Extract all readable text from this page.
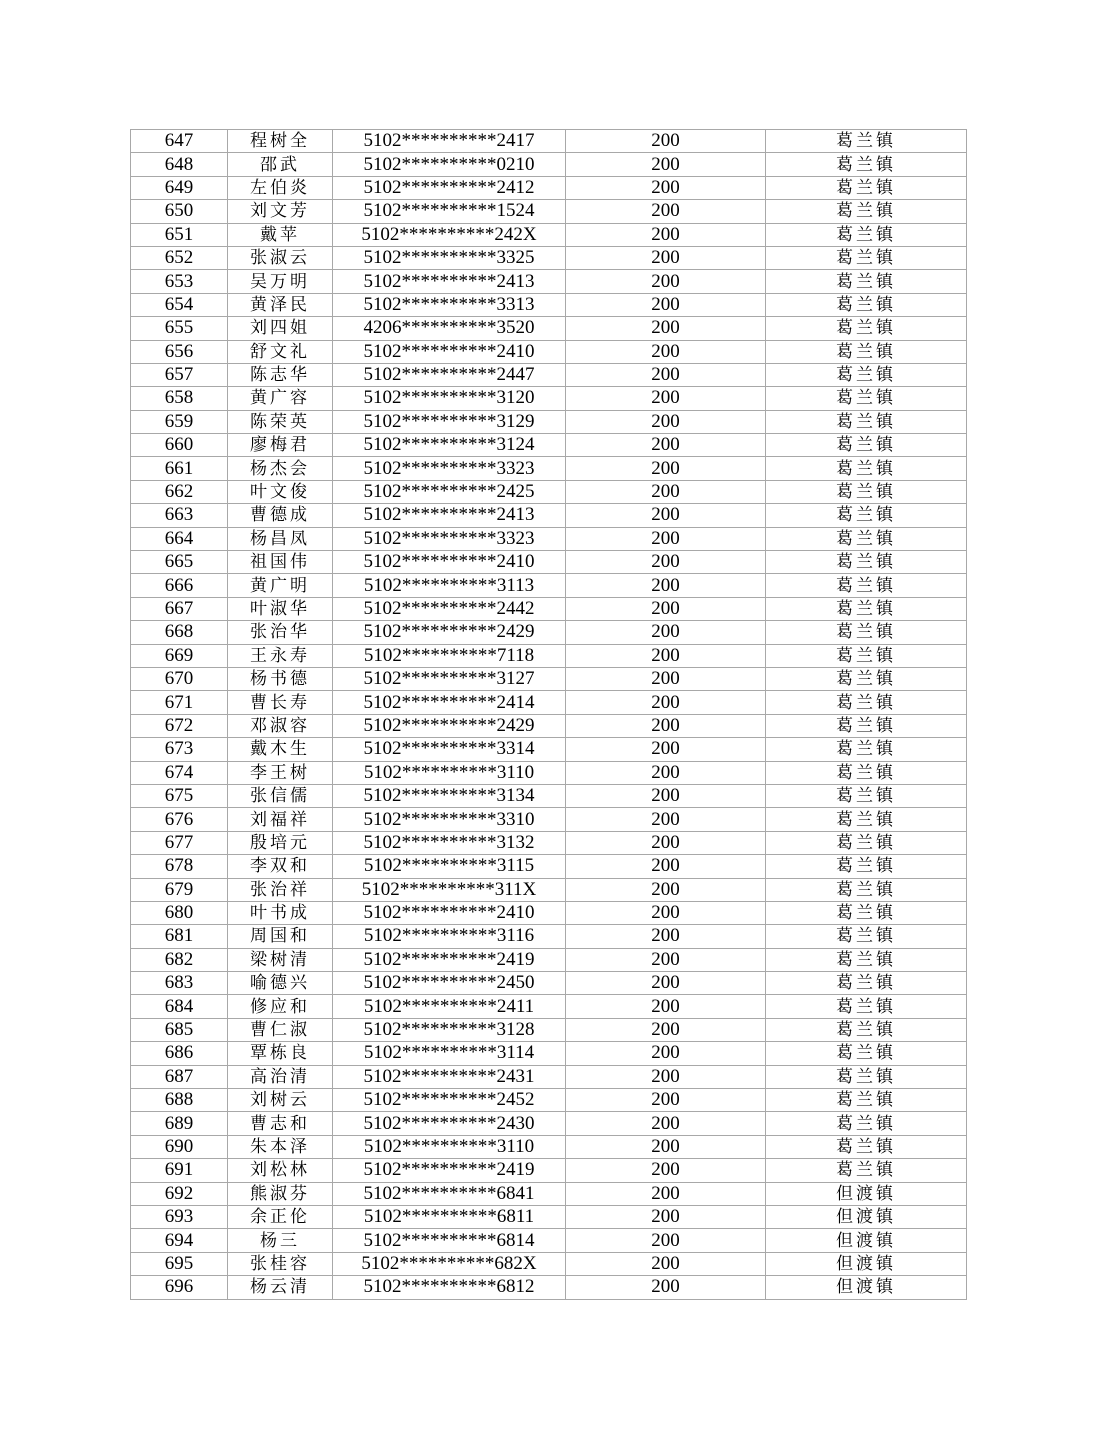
647	程树全	5102**********2417	200	葛兰镇
648	邵武	5102**********0210	200	葛兰镇
649	左伯炎	5102**********2412	200	葛兰镇
650	刘文芳	5102**********1524	200	葛兰镇
651	戴苹	5102**********242X	200	葛兰镇
652	张淑云	5102**********3325	200	葛兰镇
653	吴万明	5102**********2413	200	葛兰镇
654	黄泽民	5102**********3313	200	葛兰镇
655	刘四姐	4206**********3520	200	葛兰镇
656	舒文礼	5102**********2410	200	葛兰镇
657	陈志华	5102**********2447	200	葛兰镇
658	黄广容	5102**********3120	200	葛兰镇
659	陈荣英	5102**********3129	200	葛兰镇
660	廖梅君	5102**********3124	200	葛兰镇
661	杨杰会	5102**********3323	200	葛兰镇
662	叶文俊	5102**********2425	200	葛兰镇
663	曹德成	5102**********2413	200	葛兰镇
664	杨昌凤	5102**********3323	200	葛兰镇
665	祖国伟	5102**********2410	200	葛兰镇
666	黄广明	5102**********3113	200	葛兰镇
667	叶淑华	5102**********2442	200	葛兰镇
668	张治华	5102**********2429	200	葛兰镇
669	王永寿	5102**********7118	200	葛兰镇
670	杨书德	5102**********3127	200	葛兰镇
671	曹长寿	5102**********2414	200	葛兰镇
672	邓淑容	5102**********2429	200	葛兰镇
673	戴木生	5102**********3314	200	葛兰镇
674	李王树	5102**********3110	200	葛兰镇
675	张信儒	5102**********3134	200	葛兰镇
676	刘福祥	5102**********3310	200	葛兰镇
677	殷培元	5102**********3132	200	葛兰镇
678	李双和	5102**********3115	200	葛兰镇
679	张治祥	5102**********311X	200	葛兰镇
680	叶书成	5102**********2410	200	葛兰镇
681	周国和	5102**********3116	200	葛兰镇
682	梁树清	5102**********2419	200	葛兰镇
683	喻德兴	5102**********2450	200	葛兰镇
684	修应和	5102**********2411	200	葛兰镇
685	曹仁淑	5102**********3128	200	葛兰镇
686	覃栋良	5102**********3114	200	葛兰镇
687	高治清	5102**********2431	200	葛兰镇
688	刘树云	5102**********2452	200	葛兰镇
689	曹志和	5102**********2430	200	葛兰镇
690	朱本泽	5102**********3110	200	葛兰镇
691	刘松林	5102**********2419	200	葛兰镇
692	熊淑芬	5102**********6841	200	但渡镇
693	余正伦	5102**********6811	200	但渡镇
694	杨三	5102**********6814	200	但渡镇
695	张桂容	5102**********682X	200	但渡镇
696	杨云清	5102**********6812	200	但渡镇
